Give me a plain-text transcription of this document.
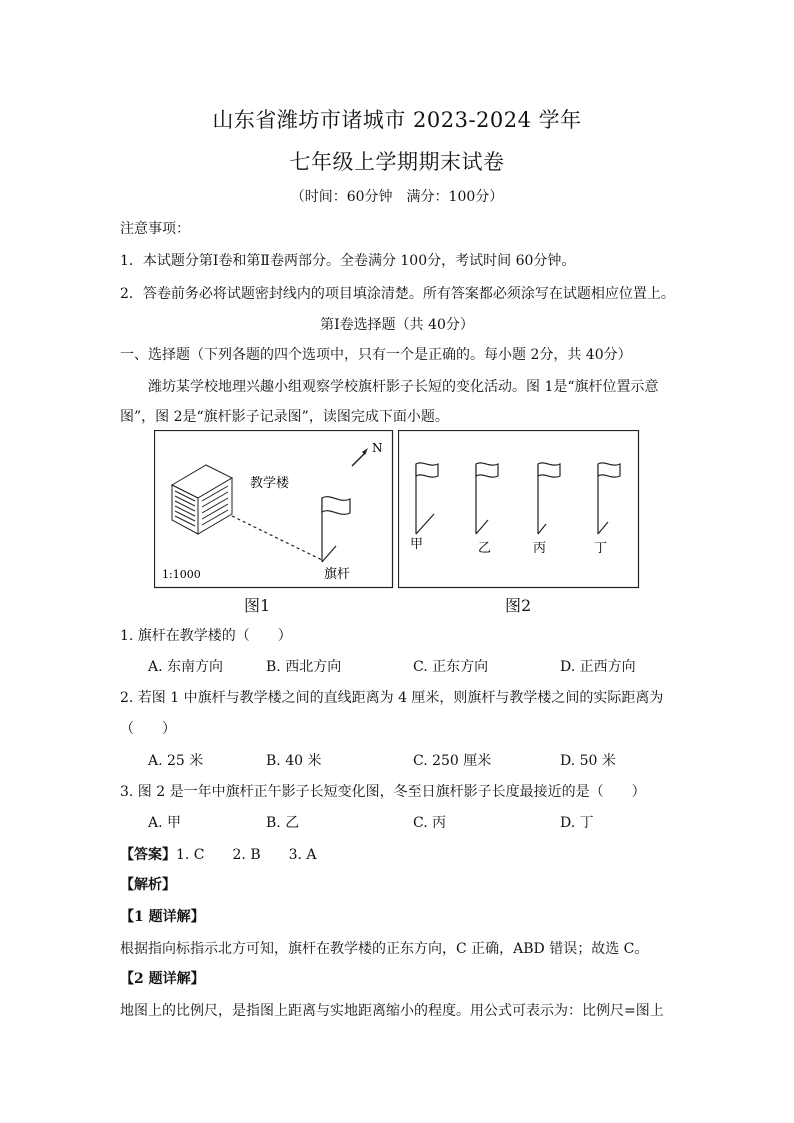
山东省潍坊市诸城市 2023-2024 学年
七年级上学期期末试卷
（时间：60分钟　满分：100分）
注意事项：
1．本试题分第Ⅰ卷和第Ⅱ卷两部分。全卷满分 100分，考试时间 60分钟。
2．答卷前务必将试题密封线内的项目填涂清楚。所有答案都必须涂写在试题相应位置上。
第Ⅰ卷选择题（共 40分）
一、选择题（下列各题的四个选项中，只有一个是正确的。每小题 2分，共 40分）
潍坊某学校地理兴趣小组观察学校旗杆影子长短的变化活动。图 1是“旗杆位置示意
图”，图 2是“旗杆影子记录图”，读图完成下面小题。
教学楼
旗杆
N
1:1000
图1
甲	乙	丙	丁
图2
1. 旗杆在教学楼的（　　）
A. 东南方向	B. 西北方向	C. 正东方向	D. 正西方向
2. 若图 1 中旗杆与教学楼之间的直线距离为 4 厘米，则旗杆与教学楼之间的实际距离为
（　　）
A. 25 米	B. 40 米	C. 250 厘米	D. 50 米
3. 图 2 是一年中旗杆正午影子长短变化图，冬至日旗杆影子长度最接近的是（　　）
A. 甲	B. 乙	C. 丙	D. 丁
【答案】1. C　　2. B　　3. A
【解析】
【1 题详解】
根据指向标指示北方可知，旗杆在教学楼的正东方向，C 正确，ABD 错误；故选 C。
【2 题详解】
地图上的比例尺，是指图上距离与实地距离缩小的程度。用公式可表示为：比例尺=图上
